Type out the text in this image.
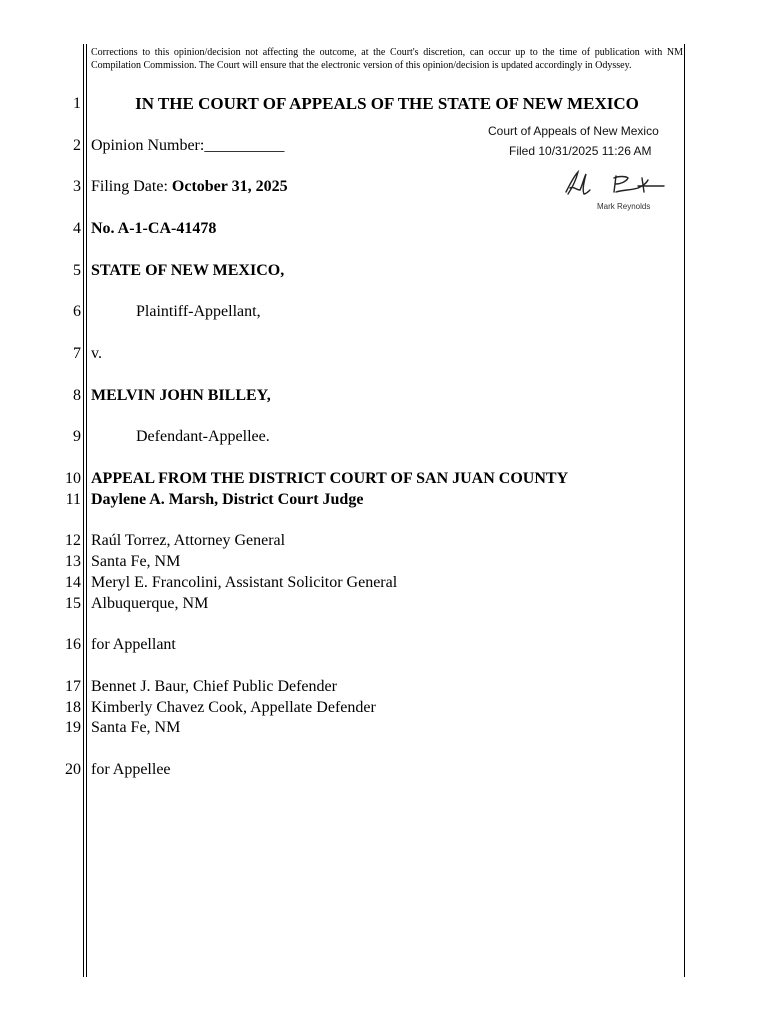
Corrections to this opinion/decision not affecting the outcome, at the Court's discretion, can occur up to the time of publication with NM Compilation Commission. The Court will ensure that the electronic version of this opinion/decision is updated accordingly in Odyssey.
1
2
3
4
5
6
7
8
9
10
11
12
13
14
15
16
17
18
19
20
IN THE COURT OF APPEALS OF THE STATE OF NEW MEXICO
Court of Appeals of New Mexico
Filed 10/31/2025 11:26 AM
Mark Reynolds
Opinion Number:__________
Filing Date: October 31, 2025
No. A-1-CA-41478
STATE OF NEW MEXICO,
Plaintiff-Appellant,
v.
MELVIN JOHN BILLEY,
Defendant-Appellee.
APPEAL FROM THE DISTRICT COURT OF SAN JUAN COUNTY
Daylene A. Marsh, District Court Judge
Raúl Torrez, Attorney General
Santa Fe, NM
Meryl E. Francolini, Assistant Solicitor General
Albuquerque, NM
for Appellant
Bennet J. Baur, Chief Public Defender
Kimberly Chavez Cook, Appellate Defender
Santa Fe, NM
for Appellee
